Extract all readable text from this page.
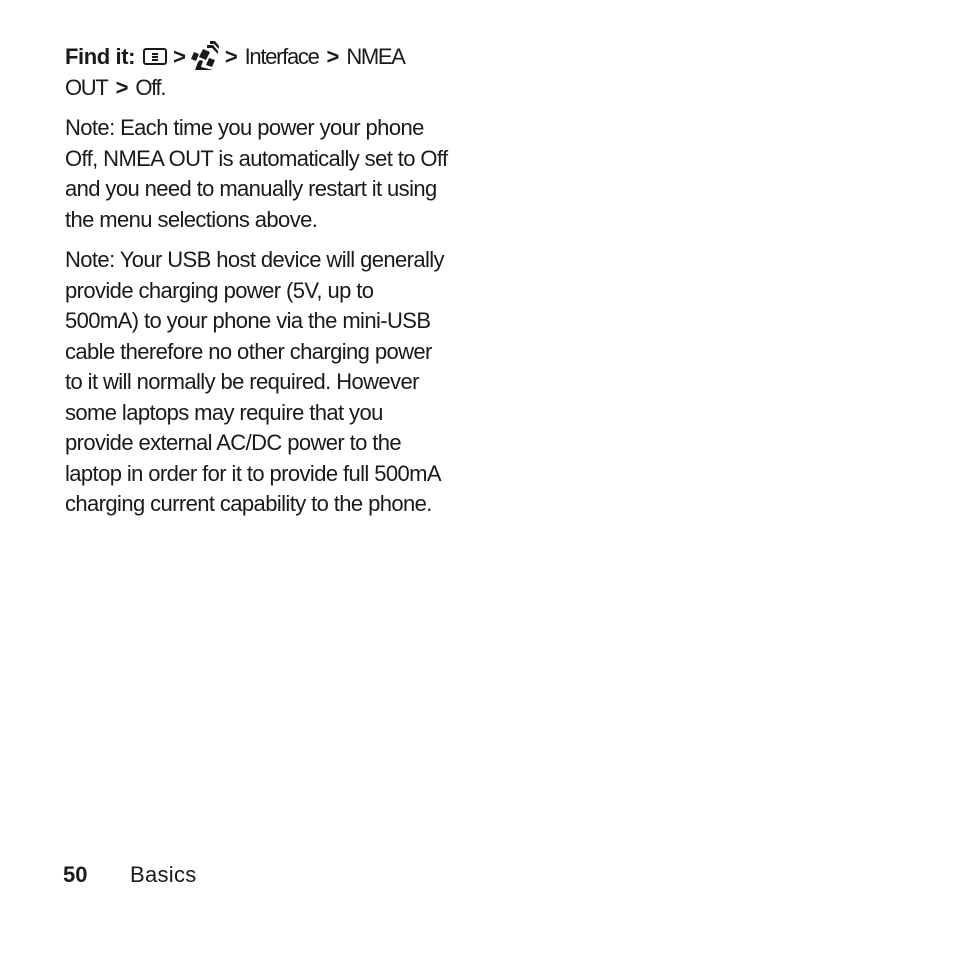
Find it: > > Interface > NMEA OUT > Off.

Note: Each time you power your phone Off, NMEA OUT is automatically set to Off and you need to manually restart it using the menu selections above.

Note: Your USB host device will generally provide charging power (5V, up to 500mA) to your phone via the mini-USB cable therefore no other charging power to it will normally be required. However some laptops may require that you provide external AC/DC power to the laptop in order for it to provide full 500mA charging current capability to the phone.

50 Basics
